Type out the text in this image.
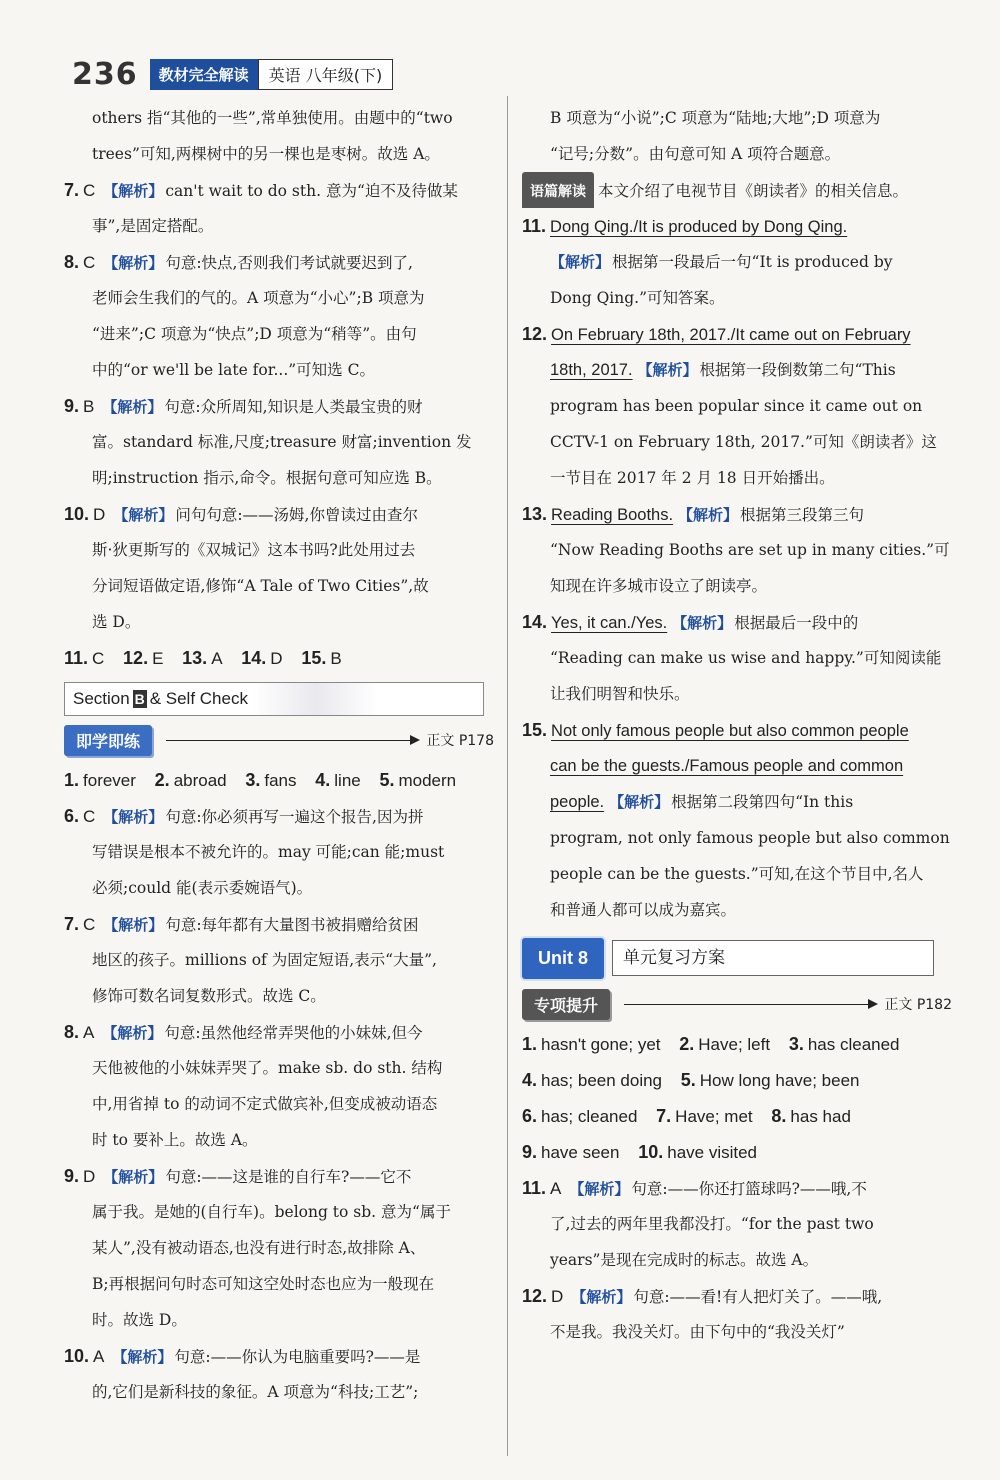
236	教材完全解读	英语 八年级(下)
others 指“其他的一些”,常单独使用。由题中的“two
trees”可知,两棵树中的另一棵也是枣树。故选 A。
7. C 【解析】 can't wait to do sth. 意为“迫不及待做某
事”,是固定搭配。
8. C 【解析】 句意:快点,否则我们考试就要迟到了,
老师会生我们的气的。A 项意为“小心”;B 项意为
“进来”;C 项意为“快点”;D 项意为“稍等”。由句
中的“or we'll be late for...”可知选 C。
9. B 【解析】 句意:众所周知,知识是人类最宝贵的财
富。standard 标准,尺度;treasure 财富;invention 发
明;instruction 指示,命令。根据句意可知应选 B。
10. D 【解析】 问句句意:——汤姆,你曾读过由查尔
斯·狄更斯写的《双城记》这本书吗?此处用过去
分词短语做定语,修饰“A Tale of Two Cities”,故
选 D。
11. C 12. E 13. A 14. D 15. B
Section B & Self Check
即学即练	正文 P178
1. forever 2. abroad 3. fans 4. line 5. modern
6. C 【解析】 句意:你必须再写一遍这个报告,因为拼
写错误是根本不被允许的。may 可能;can 能;must
必须;could 能(表示委婉语气)。
7. C 【解析】 句意:每年都有大量图书被捐赠给贫困
地区的孩子。millions of 为固定短语,表示“大量”,
修饰可数名词复数形式。故选 C。
8. A 【解析】 句意:虽然他经常弄哭他的小妹妹,但今
天他被他的小妹妹弄哭了。make sb. do sth. 结构
中,用省掉 to 的动词不定式做宾补,但变成被动语态
时 to 要补上。故选 A。
9. D 【解析】 句意:——这是谁的自行车?——它不
属于我。是她的(自行车)。belong to sb. 意为“属于
某人”,没有被动语态,也没有进行时态,故排除 A、
B;再根据问句时态可知这空处时态也应为一般现在
时。故选 D。
10. A 【解析】 句意:——你认为电脑重要吗?——是
的,它们是新科技的象征。A 项意为“科技;工艺”;
B 项意为“小说”;C 项意为“陆地;大地”;D 项意为
“记号;分数”。由句意可知 A 项符合题意。
语篇解读 本文介绍了电视节目《朗读者》的相关信息。
11. Dong Qing./It is produced by Dong Qing.
【解析】 根据第一段最后一句“It is produced by
Dong Qing.”可知答案。
12. On February 18th, 2017./It came out on February
18th, 2017. 【解析】 根据第一段倒数第二句“This
program has been popular since it came out on
CCTV-1 on February 18th, 2017.”可知《朗读者》这
一节目在 2017 年 2 月 18 日开始播出。
13. Reading Booths. 【解析】 根据第三段第三句
“Now Reading Booths are set up in many cities.”可
知现在许多城市设立了朗读亭。
14. Yes, it can./Yes. 【解析】 根据最后一段中的
“Reading can make us wise and happy.”可知阅读能
让我们明智和快乐。
15. Not only famous people but also common people
can be the guests./Famous people and common
people. 【解析】 根据第二段第四句“In this
program, not only famous people but also common
people can be the guests.”可知,在这个节目中,名人
和普通人都可以成为嘉宾。
Unit 8	单元复习方案
专项提升	正文 P182
1. hasn't gone; yet 2. Have; left 3. has cleaned
4. has; been doing 5. How long have; been
6. has; cleaned 7. Have; met 8. has had
9. have seen 10. have visited
11. A 【解析】 句意:——你还打篮球吗?——哦,不
了,过去的两年里我都没打。“for the past two
years”是现在完成时的标志。故选 A。
12. D 【解析】 句意:——看!有人把灯关了。——哦,
不是我。我没关灯。由下句中的“我没关灯”
